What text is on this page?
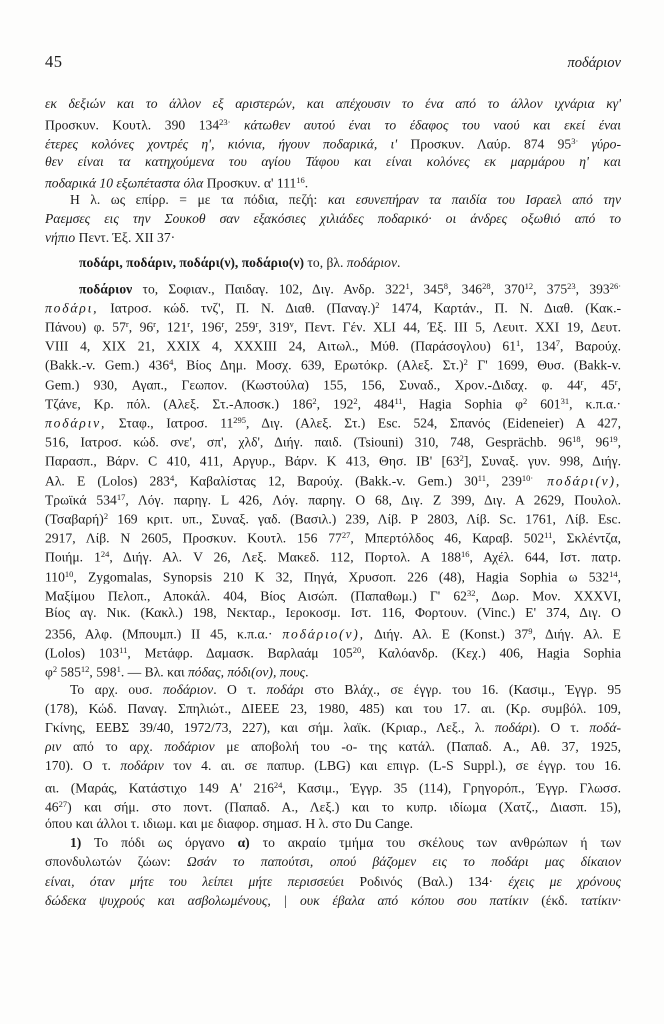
45	ποδάριον
εκ δεξιών και το άλλον εξ αριστερών, και απέχουσιν το ένα από το άλλον ιχνάρια κγ'
Προσκυν. Κουτλ. 390 $134^{23\cdot}$ κάτωθεν αυτού έναι το έδαφος του ναού και εκεί έναι
έτερες κολόνες χοντρές η', κιόνια, ήγουν ποδαρικά, ι' Προσκυν. Λαύρ. 874 $95^{3\cdot}$ γύρο-
θεν είναι τα κατηχούμενα του αγίου Τάφου και είναι κολόνες εκ μαρμάρου η' και
ποδαρικά 10 εξωπέταστα όλα Προσκυν. α' $111^{16}$.
Η λ. ως επίρρ. = με τα πόδια, πεζή: και εσυνεπήραν τα παιδία του Ισραελ από την
Ραεμσες εις την Σουκοθ σαν εξακόσιες χιλιάδες ποδαρικό· οι άνδρες οξωθιό από το
νήπιο Πεντ. Έξ. XII 37·
ποδάρι, ποδάριν, ποδάρι(ν), ποδάριο(ν) το, βλ. ποδάριον.
ποδάριον το, Σοφιαν., Παιδαγ. 102, Διγ. Ανδρ. $322^1$, $345^8$, $346^{28}$, $370^{12}$, $375^{23}$, $393^{26\cdot}$
ποδάρι, Ιατροσ. κώδ. τνζ', Π. Ν. Διαθ. $(\Pi\alpha\nu\alpha\gamma.)^2$ 1474, Καρτάν., Π. Ν. Διαθ. (Κακ.-
Πάνου) φ. 57$^r$, 96$^r$, 121$^r$, 196$^r$, 259$^r$, 319$^v$, Πεντ. Γέν. XLI 44, Έξ. III 5, Λευιτ. XXI 19, Δευτ.
VIII 4, XIX 21, XXIX 4, XXXIII 24, Αιτωλ., Μύθ. (Παράσογλου) $61^1$, $134^7$, Βαρούχ.
(Bakk.-v. Gem.) $436^4$, Βίος Δημ. Μοσχ. 639, Ερωτόκρ. (Αλεξ. Στ.)$^2$ Γ' 1699, Θυσ. (Bakk-v.
Gem.) 930, Αγαπ., Γεωπον. (Κωστούλα) 155, 156, Συναδ., Χρον.-Διδαχ. φ. 44$^r$, 45$^r$,
Τζάνε, Κρ. πόλ. (Αλεξ. Στ.-Αποσκ.) $186^2$, $192^2$, $484^{11}$, Hagia Sophia $\varphi^2$ $601^{31}$, κ.π.α.·
ποδάριν, Σταφ., Ιατροσ. $11^{295}$, Διγ. (Αλεξ. Στ.) Esc. 524, Σπανός (Eideneier) Α 427,
516, Ιατροσ. κώδ. σνε', σπ', χλδ', Διήγ. παιδ. (Tsiouni) 310, 748, Gesprächb. $96^{18}$, $96^{19}$,
Παρασπ., Βάρν. C 410, 411, Αργυρ., Βάρν. Κ 413, Θησ. ΙΒ' $[63^2]$, Συναξ. γυν. 998, Διήγ.
Αλ. Ε (Lolos) $283^4$, Καβαλίστας 12, Βαρούχ. (Bakk.-v. Gem.) $30^{11}$, $239^{10\cdot}$ ποδάρι(ν),
Τρωϊκά $534^{17}$, Λόγ. παρηγ. L 426, Λόγ. παρηγ. Ο 68, Διγ. Ζ 399, Διγ. Α 2629, Πουλολ.
$(T\sigma\alpha\beta\alpha\rho ή)^2$ 169 κριτ. υπ., Συναξ. γαδ. (Βασιλ.) 239, Λίβ. Ρ 2803, Λίβ. Sc. 1761, Λίβ. Esc.
2917, Λίβ. Ν 2605, Προσκυν. Κουτλ. 156 $77^{27}$, Μπερτόλδος 46, Καραβ. $502^{11}$, Σκλέντζα,
Ποιήμ. $1^{24}$, Διήγ. Αλ. V 26, Λεξ. Μακεδ. 112, Πορτολ. Α $188^{16}$, Αχέλ. 644, Ιστ. πατρ.
$110^{10}$, Zygomalas, Synopsis 210 K 32, Πηγά, Χρυσοπ. 226 (48), Hagia Sophia ω $532^{14}$,
Μαξίμου Πελοπ., Αποκάλ. 404, Βίος Αισώπ. (Παπαθωμ.) Γ' $62^{32}$, Δωρ. Μον. XXXVI,
Βίος αγ. Νικ. (Κακλ.) 198, Νεκταρ., Ιεροκοσμ. Ιστ. 116, Φορτουν. (Vinc.) Ε' 374, Διγ. Ο
2356, Αλφ. (Μπουμπ.) ΙΙ 45, κ.π.α.· ποδάριο(ν), Διήγ. Αλ. Ε (Konst.) $37^9$, Διήγ. Αλ. Ε
(Lolos) $103^{11}$, Μετάφρ. Δαμασκ. Βαρλαάμ $105^{20}$, Καλόανδρ. (Κεχ.) 406, Hagia Sophia
$\varphi^2$ $585^{12}$, $598^1$. — Βλ. και πόδας, πόδι(ον), πους.
Το αρχ. ουσ. ποδάριον. Ο τ. ποδάρι στο Βλάχ., σε έγγρ. του 16. (Κασιμ., Έγγρ. 95
(178), Κώδ. Παναγ. Σπηλιώτ., ΔΙΕΕΕ 23, 1980, 485) και του 17. αι. (Κρ. συμβόλ. 109,
Γκίνης, ΕΕΒΣ 39/40, 1972/73, 227), και σήμ. λαϊκ. (Κριαρ., Λεξ., λ. ποδάρι). Ο τ. ποδά-
ριν από το αρχ. ποδάριον με αποβολή του -ο- της κατάλ. (Παπαδ. Α., Αθ. 37, 1925,
170). Ο τ. ποδάριν τον 4. αι. σε παπυρ. (LBG) και επιγρ. (L-S Suppl.), σε έγγρ. του 16.
αι. (Μαράς, Κατάστιχο 149 Α' $216^{24}$, Κασιμ., Έγγρ. 35 (114), Γρηγορόπ., Έγγρ. Γλωσσ.
$46^{27}$) και σήμ. στο ποντ. (Παπαδ. Α., Λεξ.) και το κυπρ. ιδίωμα (Χατζ., Διασπ. 15),
όπου και άλλοι τ. ιδιωμ. και με διαφορ. σημασ. Η λ. στο Du Cange.
1) Το πόδι ως όργανο α) το ακραίο τμήμα του σκέλους των ανθρώπων ή των
σπονδυλωτών ζώων: Ωσάν το παπούτσι, οπού βάζομεν εις το ποδάρι μας δίκαιον
είναι, όταν μήτε του λείπει μήτε περισσεύει Ροδινός (Βαλ.) 134· έχεις με χρόνους
δώδεκα ψυχρούς και ασβολωμένους, | ουκ έβαλα από κόπου σου πατίκιν (έκδ. τατίκιν·
